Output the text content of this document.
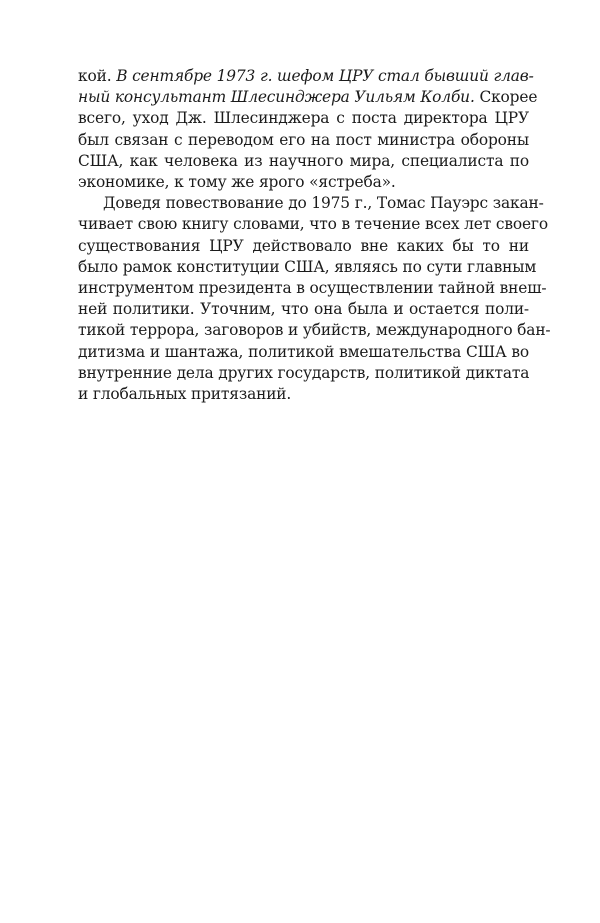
кой. В сентябре 1973 г. шефом ЦРУ стал бывший глав-
ный консультант Шлесинджера Уильям Колби. Скорее
всего, уход Дж. Шлесинджера с поста директора ЦРУ
был связан с переводом его на пост министра обороны
США, как человека из научного мира, специалиста по
экономике, к тому же ярого «ястреба».

Доведя повествование до 1975 г., Томас Пауэрс закан-
чивает свою книгу словами, что в течение всех лет своего
существования ЦРУ действовало вне каких бы то ни
было рамок конституции США, являясь по сути главным
инструментом президента в осуществлении тайной внеш-
ней политики. Уточним, что она была и остается поли-
тикой террора, заговоров и убийств, международного бан-
дитизма и шантажа, политикой вмешательства США во
внутренние дела других государств, политикой диктата
и глобальных притязаний.
